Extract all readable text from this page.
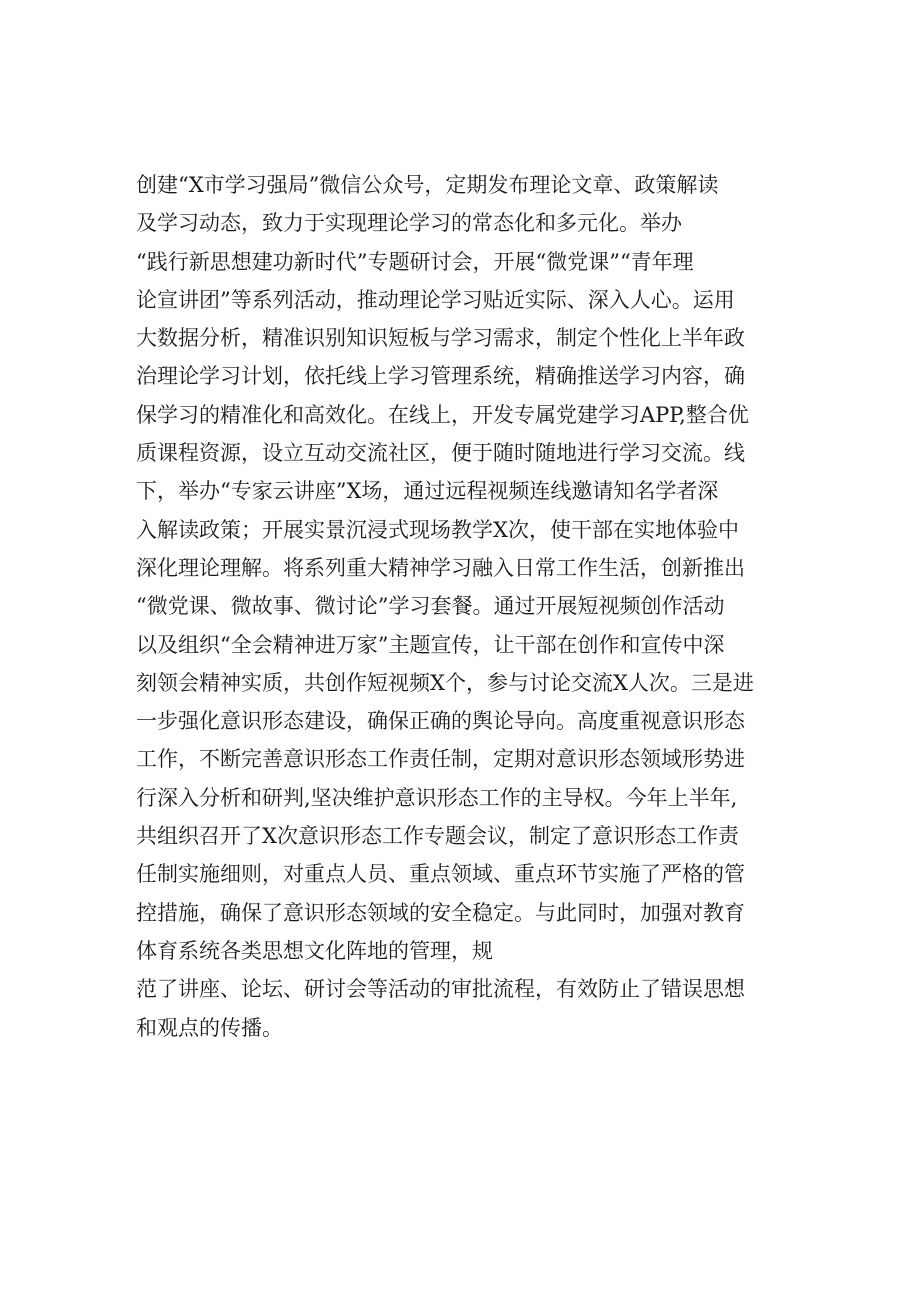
创建“X市学习强局”微信公众号，定期发布理论文章、政策解读
及学习动态，致力于实现理论学习的常态化和多元化。举办
“践行新思想建功新时代”专题研讨会，开展“微党课”“青年理
论宣讲团”等系列活动，推动理论学习贴近实际、深入人心。运用
大数据分析，精准识别知识短板与学习需求，制定个性化上半年政
治理论学习计划，依托线上学习管理系统，精确推送学习内容，确
保学习的精准化和高效化。在线上，开发专属党建学习APP,整合优
质课程资源，设立互动交流社区，便于随时随地进行学习交流。线
下，举办“专家云讲座”X场，通过远程视频连线邀请知名学者深
入解读政策；开展实景沉浸式现场教学X次，使干部在实地体验中
深化理论理解。将系列重大精神学习融入日常工作生活，创新推出
“微党课、微故事、微讨论”学习套餐。通过开展短视频创作活动
以及组织“全会精神进万家”主题宣传，让干部在创作和宣传中深
刻领会精神实质，共创作短视频X个，参与讨论交流X人次。三是进
一步强化意识形态建设，确保正确的舆论导向。高度重视意识形态
工作，不断完善意识形态工作责任制，定期对意识形态领域形势进
行深入分析和研判,坚决维护意识形态工作的主导权。今年上半年,
共组织召开了X次意识形态工作专题会议，制定了意识形态工作责
任制实施细则，对重点人员、重点领域、重点环节实施了严格的管
控措施，确保了意识形态领域的安全稳定。与此同时，加强对教育
体育系统各类思想文化阵地的管理，规
范了讲座、论坛、研讨会等活动的审批流程，有效防止了错误思想
和观点的传播。
